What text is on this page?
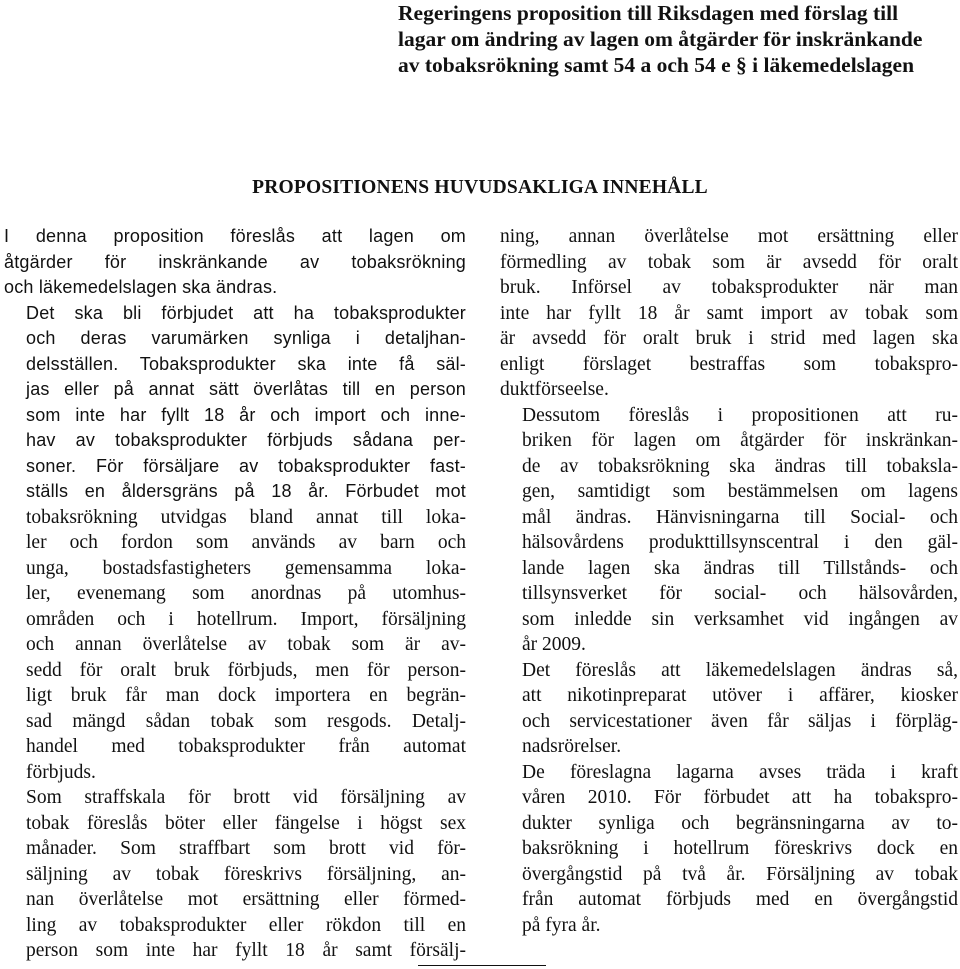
Regeringens proposition till Riksdagen med förslag till
lagar om ändring av lagen om åtgärder för inskränkande
av tobaksrökning samt 54 a och 54 e § i läkemedelslagen
PROPOSITIONENS HUVUDSAKLIGA INNEHÅLL

I denna proposition föreslås att lagen om
åtgärder för inskränkande av tobaksrökning
och läkemedelslagen ska ändras.

Det ska bli förbjudet att ha tobaksprodukter
och deras varumärken synliga i detaljhan-
delsställen. Tobaksprodukter ska inte få säl-
jas eller på annat sätt överlåtas till en person
som inte har fyllt 18 år och import och inne-
hav av tobaksprodukter förbjuds sådana per-
soner. För försäljare av tobaksprodukter fast-
ställs en åldersgräns på 18 år. Förbudet mot
tobaksrökning utvidgas bland annat till loka-
ler och fordon som används av barn och
unga, bostadsfastigheters gemensamma loka-
ler, evenemang som anordnas på utomhus-
områden och i hotellrum. Import, försäljning
och annan överlåtelse av tobak som är av-
sedd för oralt bruk förbjuds, men för person-
ligt bruk får man dock importera en begrän-
sad mängd sådan tobak som resgods. Detalj-
handel med tobaksprodukter från automat
förbjuds.

Som straffskala för brott vid försäljning av
tobak föreslås böter eller fängelse i högst sex
månader. Som straffbart som brott vid för-
säljning av tobak föreskrivs försäljning, an-
nan överlåtelse mot ersättning eller förmed-
ling av tobaksprodukter eller rökdon till en
person som inte har fyllt 18 år samt försälj-

ning, annan överlåtelse mot ersättning eller
förmedling av tobak som är avsedd för oralt
bruk. Införsel av tobaksprodukter när man
inte har fyllt 18 år samt import av tobak som
är avsedd för oralt bruk i strid med lagen ska
enligt förslaget bestraffas som tobakspro-
duktförseelse.

Dessutom föreslås i propositionen att ru-
briken för lagen om åtgärder för inskränkan-
de av tobaksrökning ska ändras till tobaksla-
gen, samtidigt som bestämmelsen om lagens
mål ändras. Hänvisningarna till Social- och
hälsovårdens produkttillsynscentral i den gäl-
lande lagen ska ändras till Tillstånds- och
tillsynsverket för social- och hälsovården,
som inledde sin verksamhet vid ingången av
år 2009.

Det föreslås att läkemedelslagen ändras så,
att nikotinpreparat utöver i affärer, kiosker
och servicestationer även får säljas i förpläg-
nadsrörelser.

De föreslagna lagarna avses träda i kraft
våren 2010. För förbudet att ha tobakspro-
dukter synliga och begränsningarna av to-
baksrökning i hotellrum föreskrivs dock en
övergångstid på två år. Försäljning av tobak
från automat förbjuds med en övergångstid
på fyra år.
